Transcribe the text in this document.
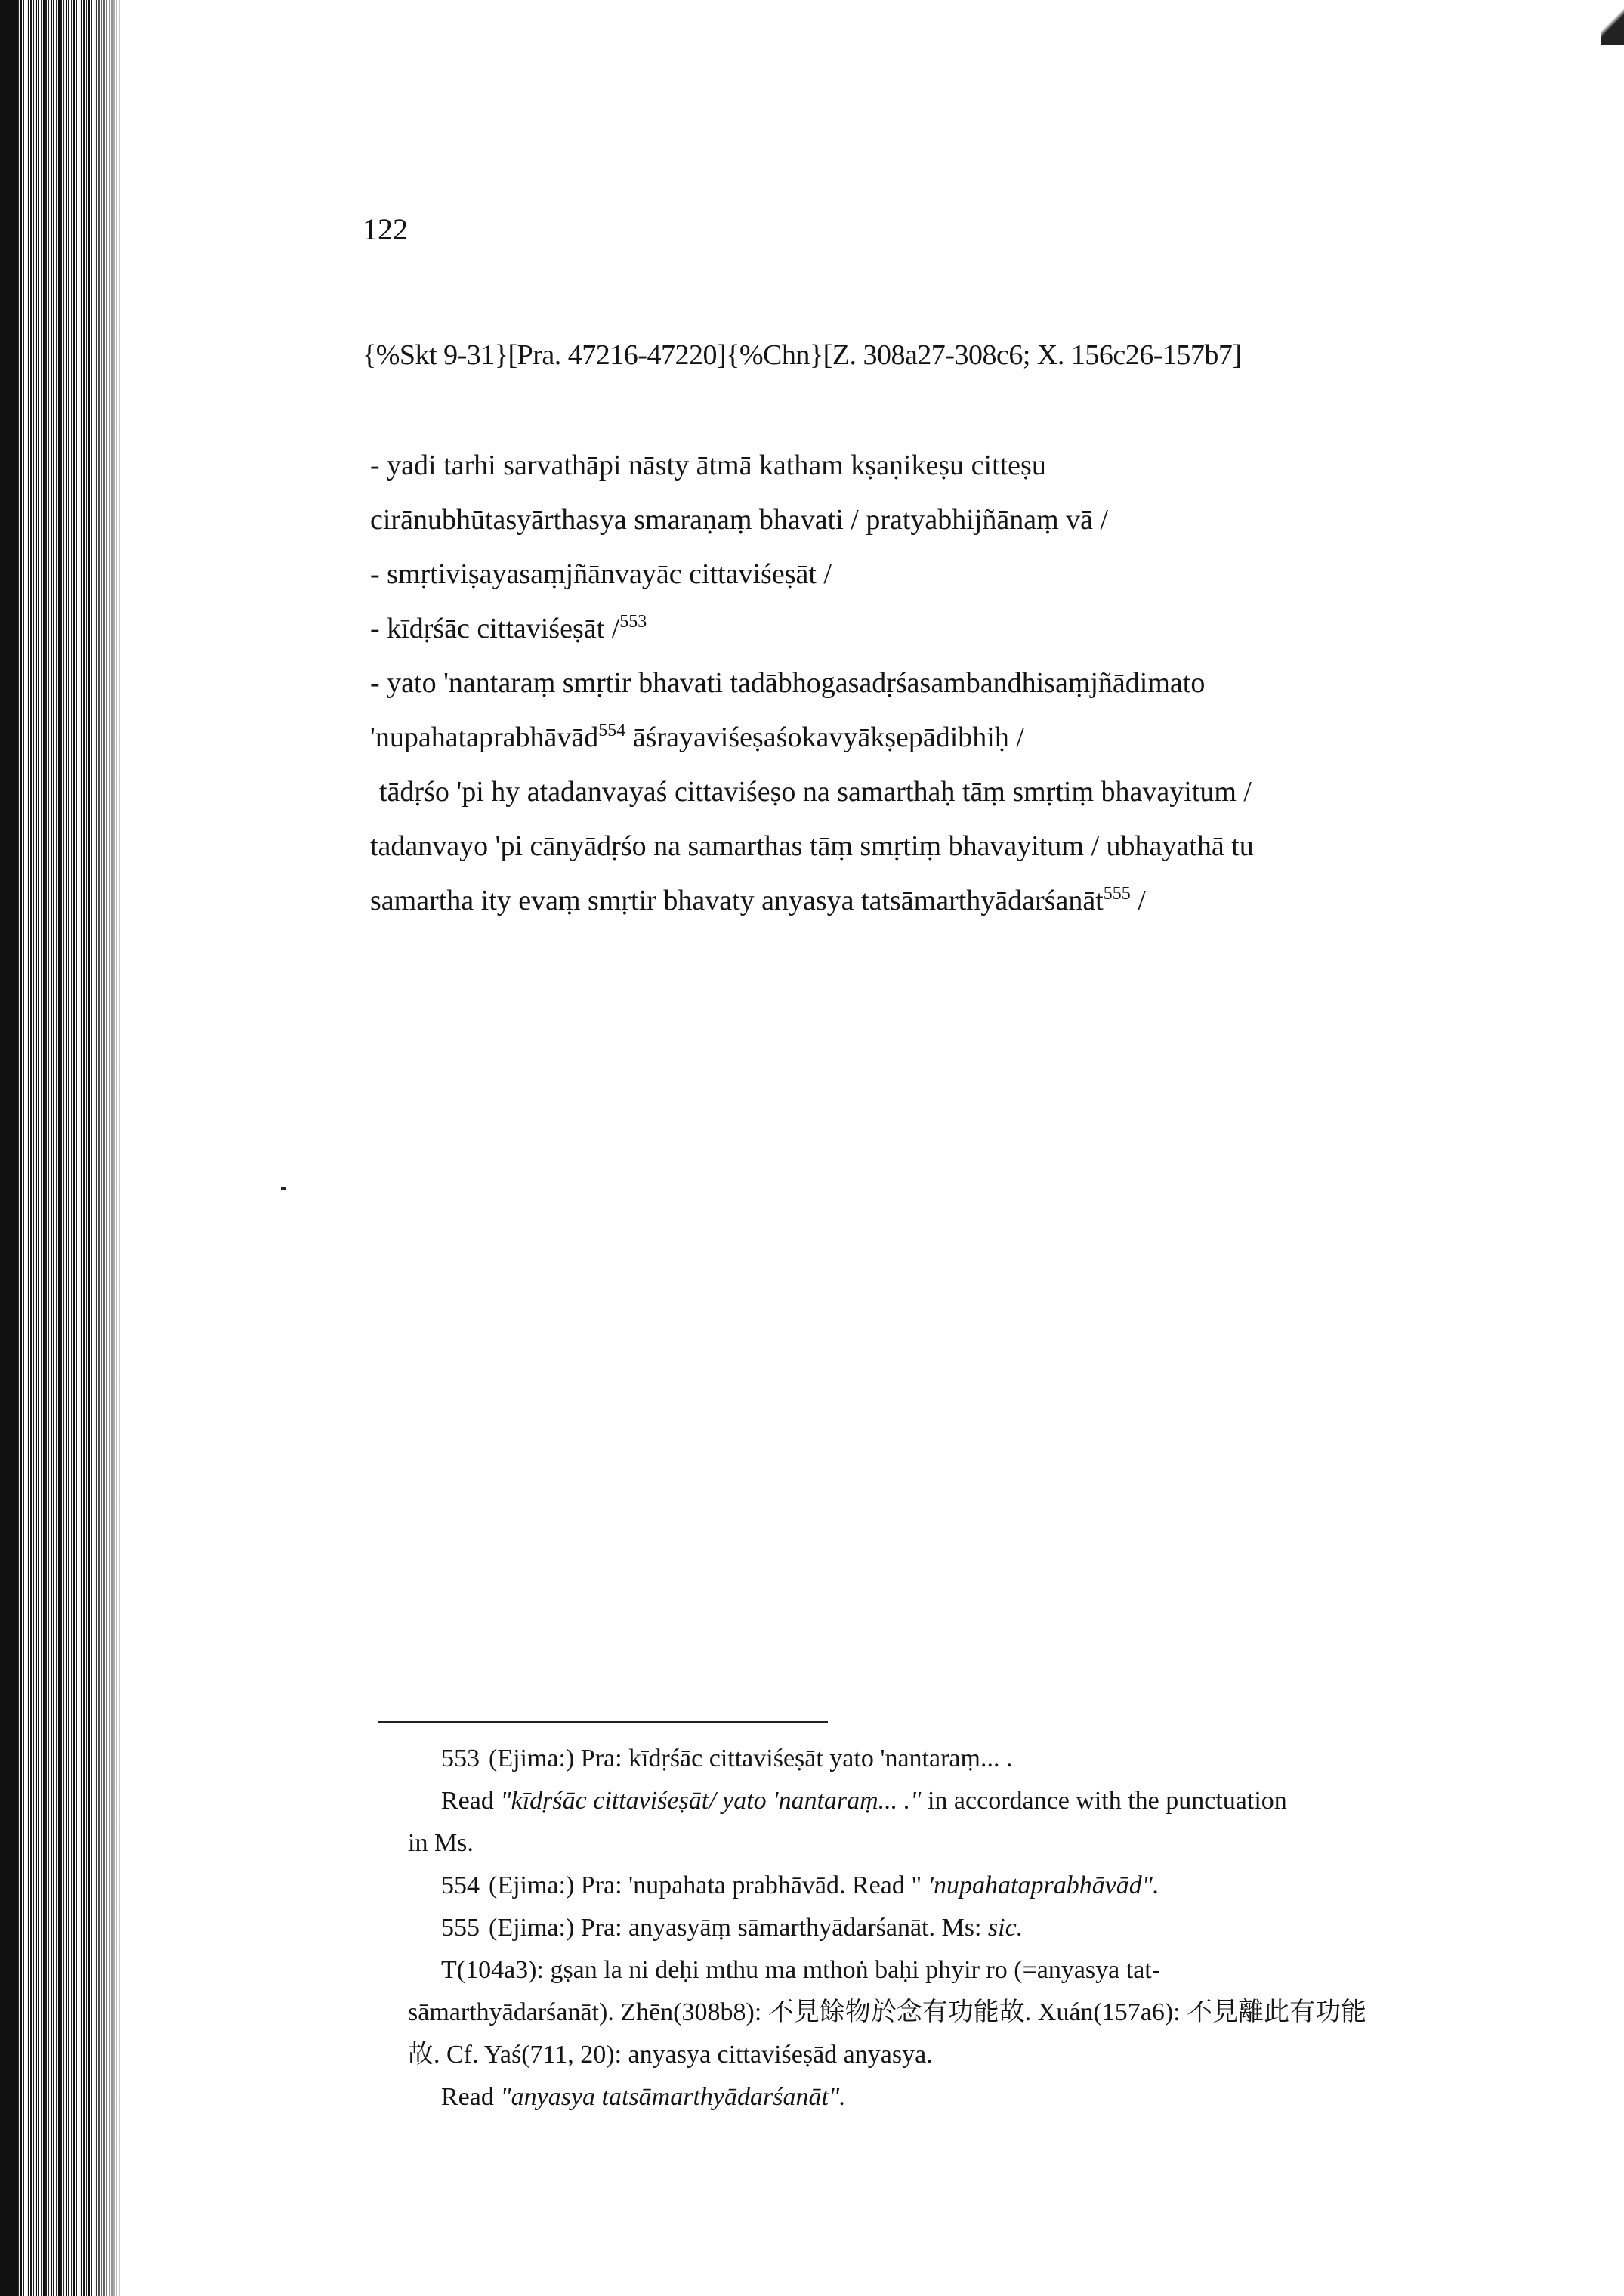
122
{%Skt 9-31}[Pra. 47216-47220]{%Chn}[Z. 308a27-308c6; X. 156c26-157b7]
- yadi tarhi sarvathāpi nāsty ātmā katham kṣaṇikeṣu citteṣu
cirānubhūtasyārthasya smaraṇaṃ bhavati / pratyabhijñānaṃ vā /
- smṛtiviṣayasaṃjñānvayāc cittaviśeṣāt /
- kīdṛśāc cittaviśeṣāt /$^{553}$
- yato 'nantaraṃ smṛtir bhavati tadābhogasadṛśasambandhisaṃjñādimato
'nupahataprabhāvād$^{554}$ āśrayaviśeṣaśokavyākṣepādibhiḥ /
tādṛśo 'pi hy atadanvayaś cittaviśeṣo na samarthaḥ tāṃ smṛtiṃ bhavayitum /
tadanvayo 'pi cānyādṛśo na samarthas tāṃ smṛtiṃ bhavayitum / ubhayathā tu
samartha ity evaṃ smṛtir bhavaty anyasya tatsāmarthyādarśanāt$^{555}$ /
553 (Ejima:) Pra: kīdṛśāc cittaviśeṣāt yato 'nantaraṃ... .
Read "kīdṛśāc cittaviśeṣāt/ yato 'nantaraṃ... ." in accordance with the punctuation
in Ms.
554 (Ejima:) Pra: 'nupahata prabhāvād. Read " 'nupahataprabhāvād".
555 (Ejima:) Pra: anyasyāṃ sāmarthyādarśanāt. Ms: sic.
T(104a3): gṣan la ni deḥi mthu ma mthoṅ baḥi phyir ro (=anyasya tat-
sāmarthyādarśanāt). Zhēn(308b8): 不見餘物於念有功能故. Xuán(157a6): 不見離此有功能
故. Cf. Yaś(711, 20): anyasya cittaviśeṣād anyasya.
Read "anyasya tatsāmarthyādarśanāt".
